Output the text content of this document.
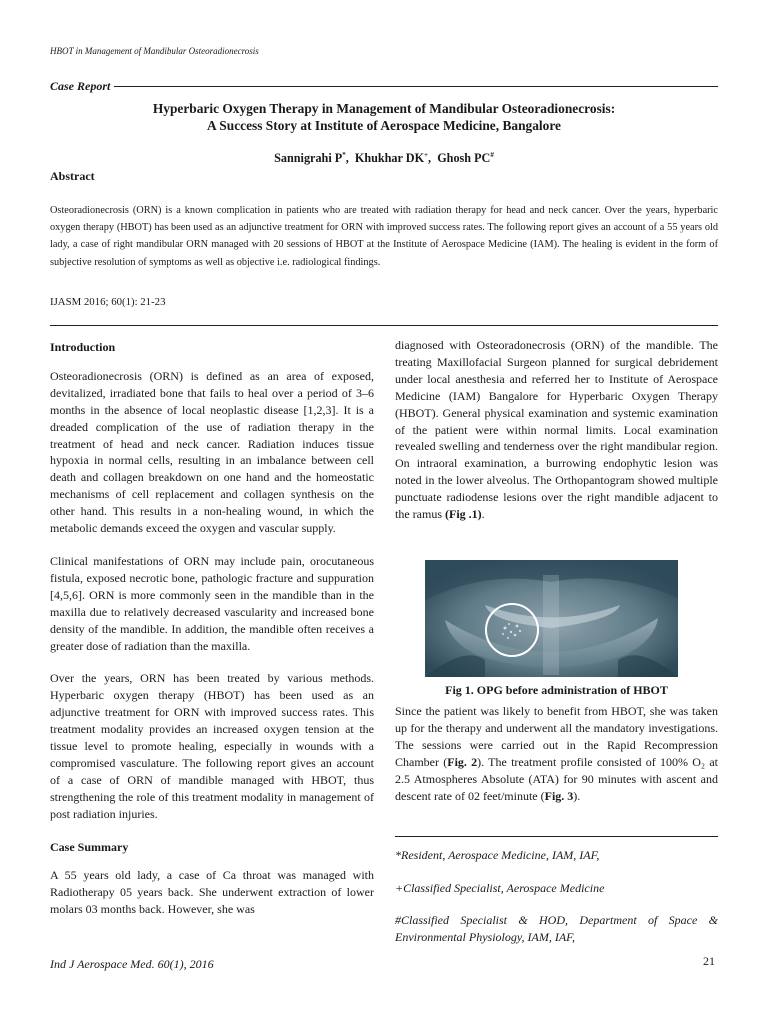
HBOT in Management of Mandibular Osteoradionecrosis
Case Report
Hyperbaric Oxygen Therapy in Management of Mandibular Osteoradionecrosis:
A Success Story at Institute of Aerospace Medicine, Bangalore
Sannigrahi P*, Khukhar DK+, Ghosh PC#
Abstract
Osteoradionecrosis (ORN) is a known complication in patients who are treated with radiation therapy for head and neck cancer. Over the years, hyperbaric oxygen therapy (HBOT) has been used as an adjunctive treatment for ORN with improved success rates. The following report gives an account of a 55 years old lady, a case of right mandibular ORN managed with 20 sessions of HBOT at the Institute of Aerospace Medicine (IAM). The healing is evident in the form of subjective resolution of symptoms as well as objective i.e. radiological findings.
IJASM 2016; 60(1): 21-23
Introduction

Osteoradionecrosis (ORN) is defined as an area of exposed, devitalized, irradiated bone that fails to heal over a period of 3–6 months in the absence of local neoplastic disease [1,2,3]. It is a dreaded complication of the use of radiation therapy in the treatment of head and neck cancer. Radiation induces tissue hypoxia in normal cells, resulting in an imbalance between cell death and collagen breakdown on one hand and the homeostatic mechanisms of cell replacement and collagen synthesis on the other hand. This results in a non-healing wound, in which the metabolic demands exceed the oxygen and vascular supply.

Clinical manifestations of ORN may include pain, orocutaneous fistula, exposed necrotic bone, pathologic fracture and suppuration [4,5,6]. ORN is more commonly seen in the mandible than in the maxilla due to relatively decreased vascularity and increased bone density of the mandible. In addition, the mandible often receives a greater dose of radiation than the maxilla.

Over the years, ORN has been treated by various methods. Hyperbaric oxygen therapy (HBOT) has been used as an adjunctive treatment for ORN with improved success rates. This treatment modality provides an increased oxygen tension at the tissue level to promote healing, especially in wounds with a compromised vasculature. The following report gives an account of a case of ORN of mandible managed with HBOT, thus strengthening the role of this treatment modality in management of post radiation injuries.

Case Summary

A 55 years old lady, a case of Ca throat was managed with Radiotherapy 05 years back. She underwent extraction of lower molars 03 months back. However, she was

diagnosed with Osteoradonecrosis (ORN) of the mandible. The treating Maxillofacial Surgeon planned for surgical debridement under local anesthesia and referred her to Institute of Aerospace Medicine (IAM) Bangalore for Hyperbaric Oxygen Therapy (HBOT). General physical examination and systemic examination of the patient were within normal limits. Local examination revealed swelling and tenderness over the right mandibular region. On intraoral examination, a burrowing endophytic lesion was noted in the lower alveolus. The Orthopantogram showed multiple punctuate radiodense lesions over the right mandible adjacent to the ramus (Fig .1).

Fig 1. OPG before administration of HBOT

Since the patient was likely to benefit from HBOT, she was taken up for the therapy and underwent all the mandatory investigations. The sessions were carried out in the Rapid Recompression Chamber (Fig. 2). The treatment profile consisted of 100% O₂ at 2.5 Atmospheres Absolute (ATA) for 90 minutes with ascent and descent rate of 02 feet/minute (Fig. 3).

*Resident, Aerospace Medicine, IAM, IAF,

+Classified Specialist, Aerospace Medicine

#Classified Specialist & HOD, Department of Space & Environmental Physiology, IAM, IAF,

Ind J Aerospace Med. 60(1), 2016	21
